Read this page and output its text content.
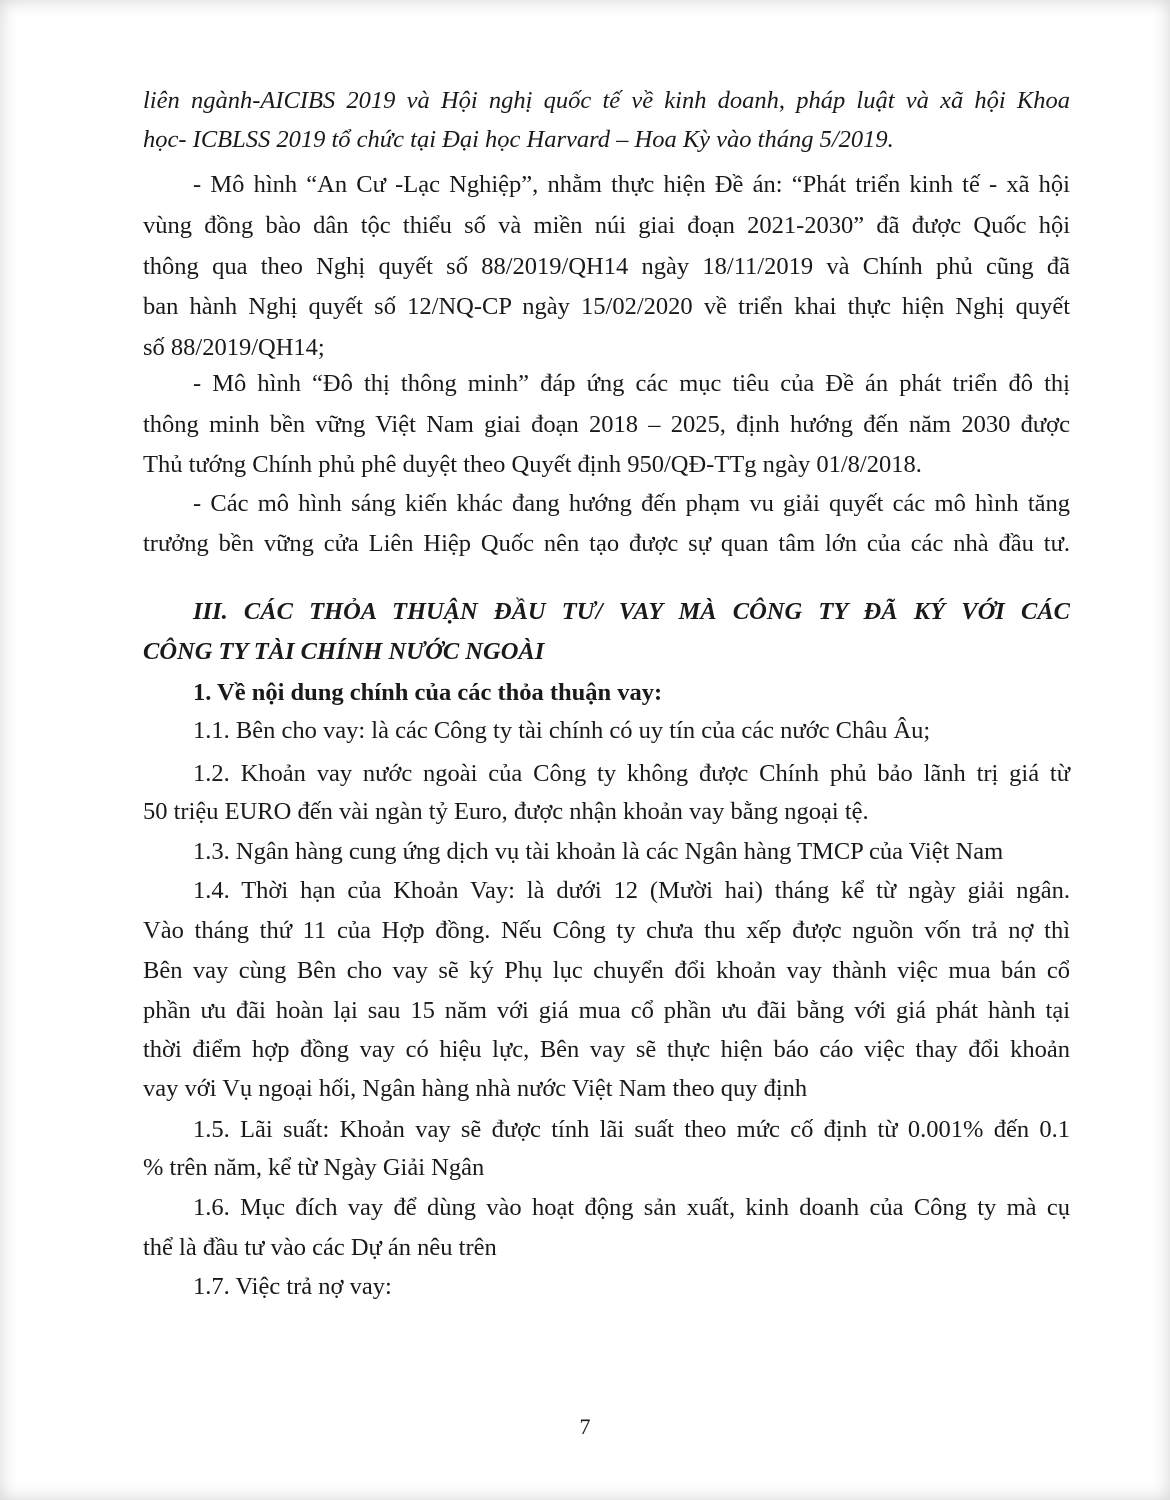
liên ngành-AICIBS 2019 và Hội nghị quốc tế về kinh doanh, pháp luật và xã hội Khoa
học- ICBLSS 2019 tổ chức tại Đại học Harvard – Hoa Kỳ vào tháng 5/2019.
- Mô hình “An Cư -Lạc Nghiệp”, nhằm thực hiện Đề án: “Phát triển kinh tế - xã hội
vùng đồng bào dân tộc thiểu số và miền núi giai đoạn 2021-2030” đã được Quốc hội
thông qua theo Nghị quyết số 88/2019/QH14 ngày 18/11/2019 và Chính phủ cũng đã
ban hành Nghị quyết số 12/NQ-CP ngày 15/02/2020 về triển khai thực hiện Nghị quyết
số 88/2019/QH14;
- Mô hình “Đô thị thông minh” đáp ứng các mục tiêu của Đề án phát triển đô thị
thông minh bền vững Việt Nam giai đoạn 2018 – 2025, định hướng đến năm 2030 được
Thủ tướng Chính phủ phê duyệt theo Quyết định 950/QĐ-TTg ngày 01/8/2018.
- Các mô hình sáng kiến khác đang hướng đến phạm vu giải quyết các mô hình tăng
trưởng bền vững cửa Liên Hiệp Quốc nên tạo được sự quan tâm lớn của các nhà đầu tư.
III. CÁC THỎA THUẬN ĐẦU TƯ/ VAY MÀ CÔNG TY ĐÃ KÝ VỚI CÁC
CÔNG TY TÀI CHÍNH NƯỚC NGOÀI
1. Về nội dung chính của các thỏa thuận vay:
1.1. Bên cho vay: là các Công ty tài chính có uy tín của các nước Châu Âu;
1.2. Khoản vay nước ngoài của Công ty không được Chính phủ bảo lãnh trị giá từ
50 triệu EURO đến vài ngàn tỷ Euro, được nhận khoản vay bằng ngoại tệ.
1.3. Ngân hàng cung ứng dịch vụ tài khoản là các Ngân hàng TMCP của Việt Nam
1.4. Thời hạn của Khoản Vay: là dưới 12 (Mười hai) tháng kể từ ngày giải ngân.
Vào tháng thứ 11 của Hợp đồng. Nếu Công ty chưa thu xếp được nguồn vốn trả nợ thì
Bên vay cùng Bên cho vay sẽ ký Phụ lục chuyển đổi khoản vay thành việc mua bán cổ
phần ưu đãi hoàn lại sau 15 năm với giá mua cổ phần ưu đãi bằng với giá phát hành tại
thời điểm hợp đồng vay có hiệu lực, Bên vay sẽ thực hiện báo cáo việc thay đổi khoản
vay với Vụ ngoại hối, Ngân hàng nhà nước Việt Nam theo quy định
1.5. Lãi suất: Khoản vay sẽ được tính lãi suất theo mức cố định từ 0.001% đến 0.1
% trên năm, kể từ Ngày Giải Ngân
1.6. Mục đích vay để dùng vào hoạt động sản xuất, kinh doanh của Công ty mà cụ
thể là đầu tư vào các Dự án nêu trên
1.7. Việc trả nợ vay:
7
